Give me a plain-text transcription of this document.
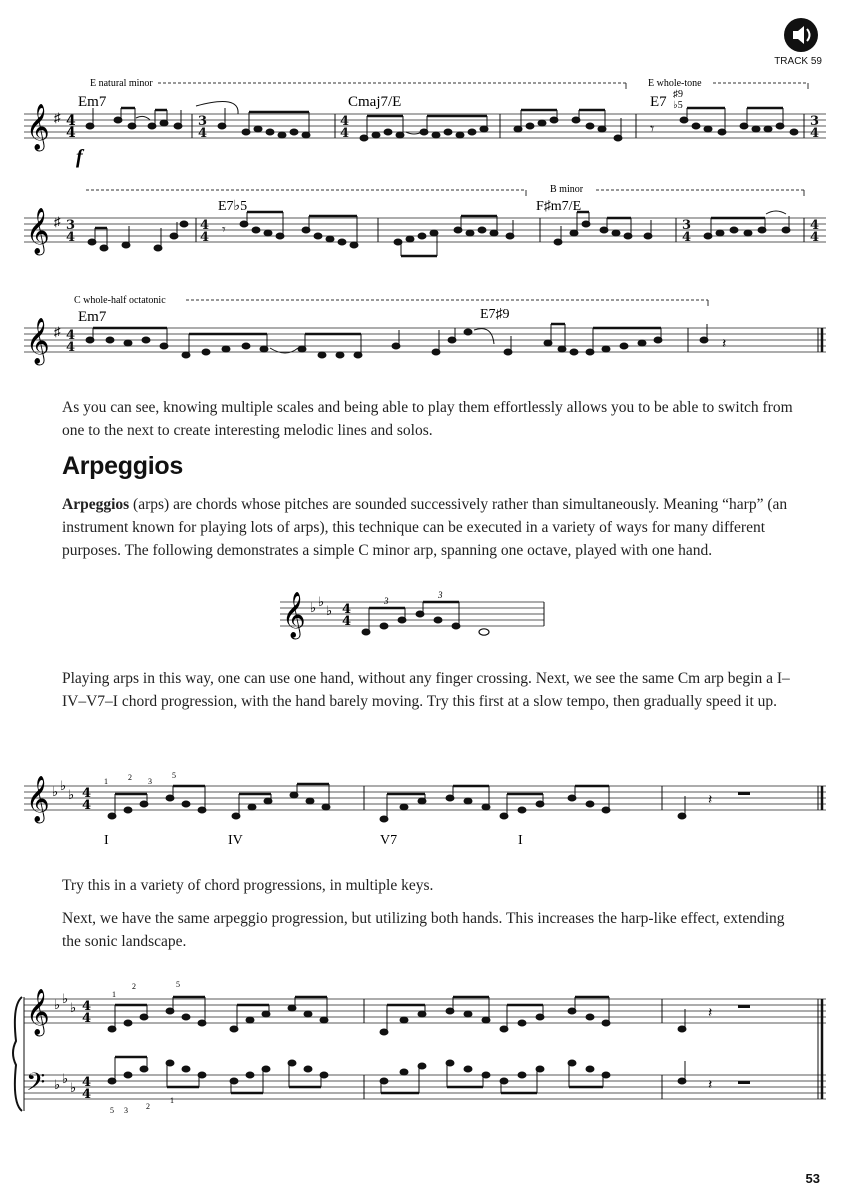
TRACK 59
E natural minor	E whole-tone
Em7	Cmaj7/E	E7 ♯9
♭5
𝄞 ♯ 4
4
f
3
4
4
4	𝄾	3
4
B minor
E7♭5	F♯m7/E
𝄞 ♯ 3
4
4
4 𝄾	3
4
4
4
C whole-half octatonic
Em7	E7♯9
𝄞 ♯ 4
4	𝄽
As you can see, knowing multiple scales and being able to play them effortlessly allows you to be able to switch from one to the next to create interesting melodic lines and solos.
Arpeggios
Arpeggios (arps) are chords whose pitches are sounded successively rather than simultaneously. Meaning “harp” (an instrument known for playing lots of arps), this technique can be executed in a variety of ways for many different purposes. The following demonstrates a simple C minor arp, spanning one octave, played with one hand.
𝄞 ♭ ♭
♭ 4
4
3
3
Playing arps in this way, one can use one hand, without any finger crossing. Next, we see the same Cm arp begin a I–IV–V7–I chord progression, with the hand barely moving. Try this first at a slow tempo, then gradually speed it up.
𝄞 ♭ ♭
♭ 4
4	𝄽
1	2 3
5
I	IV	V7	I
Try this in a variety of chord progressions, in multiple keys.
Next, we have the same arpeggio progression, but utilizing both hands. This increases the harp-like effect, extending the sonic landscape.
𝄞
𝄢
♭ ♭
♭
♭ ♭
♭
4
4
4
4
𝄽
𝄽
1
2	5
5 3 2
1
53
